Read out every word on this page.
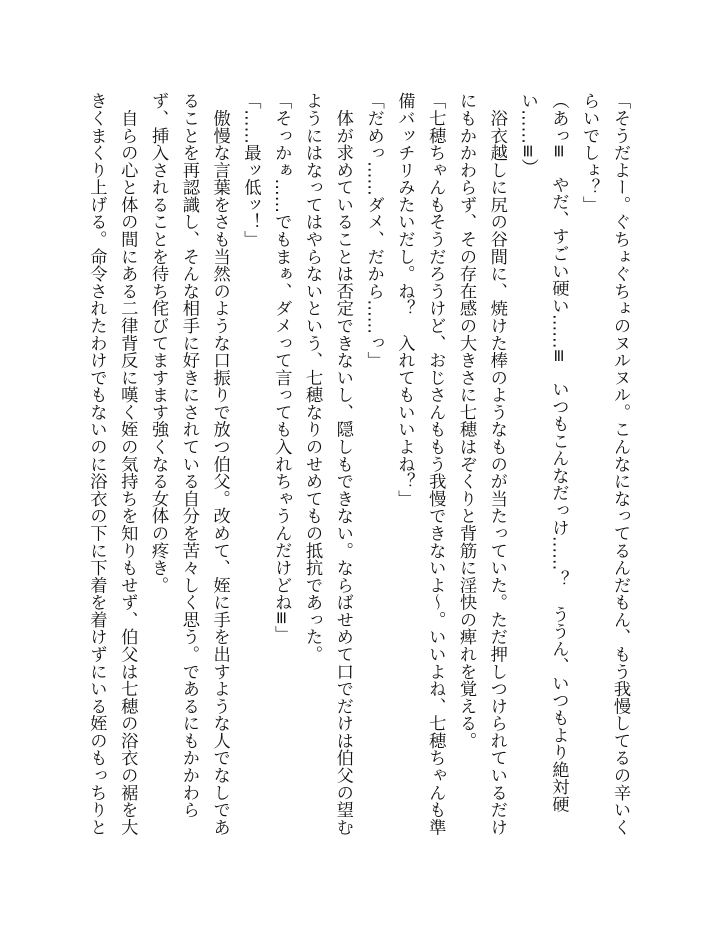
「そうだよー。ぐちょぐちょのヌルヌル。こんなになってるんだもん、もう我慢してるの辛いく
らいでしょ？」
（あっ≡　やだ、すごい硬い……≡　いつもこんなだっけ……？　ううん、いつもより絶対硬
い……≡）
　浴衣越しに尻の谷間に、焼けた棒のようなものが当たっていた。ただ押しつけられているだけ
にもかかわらず、その存在感の大きさに七穂はぞくりと背筋に淫快の痺れを覚える。
「七穂ちゃんもそうだろうけど、おじさんももう我慢できないよ～。いいよね、七穂ちゃんも準
備バッチリみたいだし。ね？　入れてもいいよね？」
「だめっ……ダメ、だから……っ」
　体が求めていることは否定できないし、隠しもできない。ならばせめて口でだけは伯父の望む
ようにはなってはやらないという、七穂なりのせめてもの抵抗であった。
「そっかぁ……でもまぁ、ダメって言っても入れちゃうんだけどね≡」
「……最ッ低ッ！」
　傲慢な言葉をさも当然のような口振りで放つ伯父。改めて、姪に手を出すような人でなしであ
ることを再認識し、そんな相手に好きにされている自分を苦々しく思う。であるにもかかわら
ず、挿入されることを待ち侘びてますます強くなる女体の疼き。
　自らの心と体の間にある二律背反に嘆く姪の気持ちを知りもせず、伯父は七穂の浴衣の裾を大
きくまくり上げる。命令されたわけでもないのに浴衣の下に下着を着けずにいる姪のもっちりと
